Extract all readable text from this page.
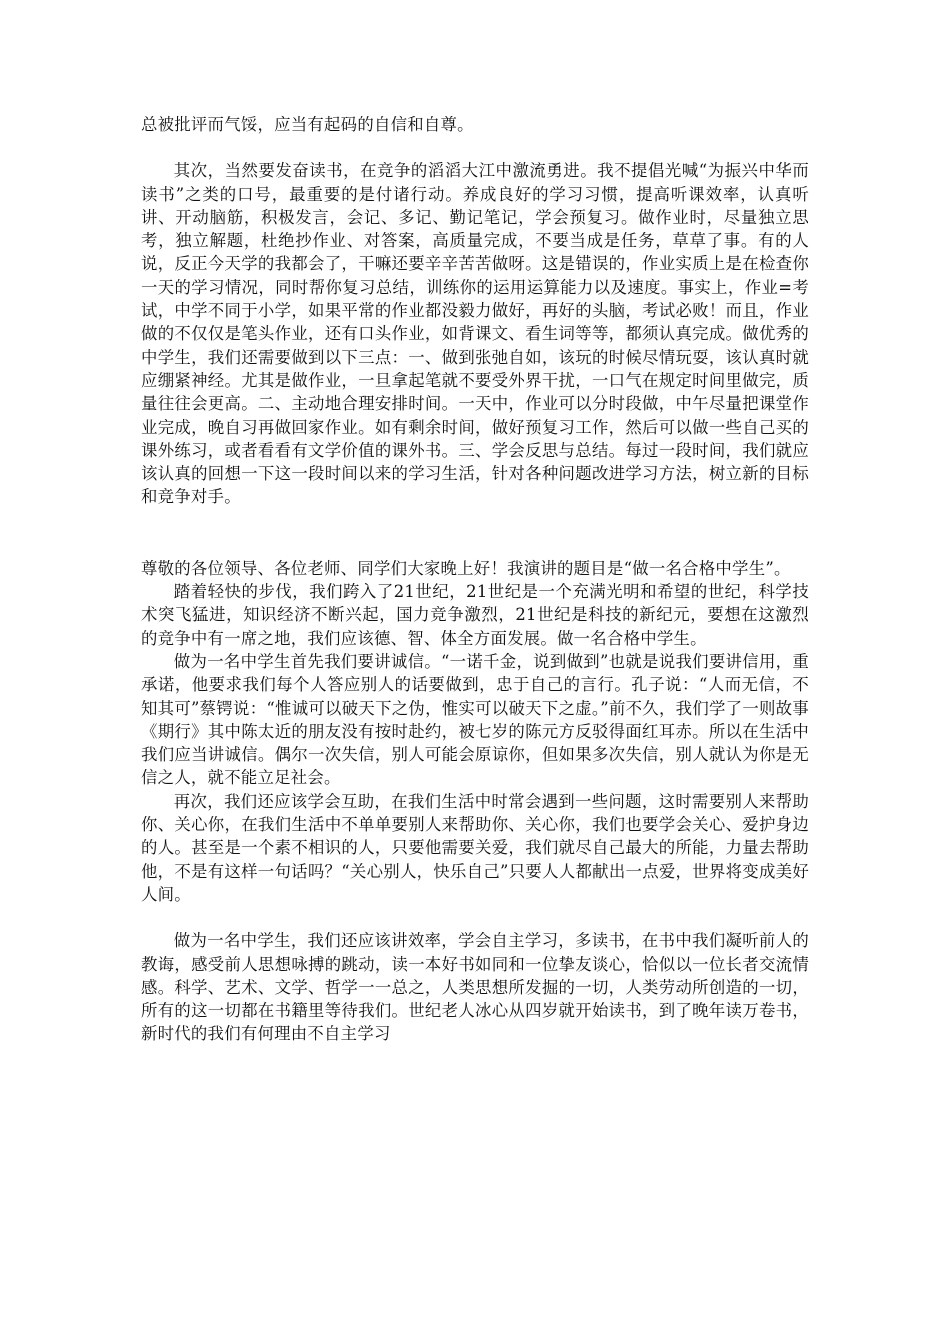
总被批评而气馁，应当有起码的自信和自尊。

其次，当然要发奋读书，在竞争的滔滔大江中激流勇进。我不提倡光喊“为振兴中华而读书”之类的口号，最重要的是付诸行动。养成良好的学习习惯，提高听课效率，认真听讲、开动脑筋，积极发言，会记、多记、勤记笔记，学会预复习。做作业时，尽量独立思考，独立解题，杜绝抄作业、对答案，高质量完成，不要当成是任务，草草了事。有的人说，反正今天学的我都会了，干嘛还要辛辛苦苦做呀。这是错误的，作业实质上是在检查你一天的学习情况，同时帮你复习总结，训练你的运用运算能力以及速度。事实上，作业=考试，中学不同于小学，如果平常的作业都没毅力做好，再好的头脑，考试必败！而且，作业做的不仅仅是笔头作业，还有口头作业，如背课文、看生词等等，都须认真完成。做优秀的中学生，我们还需要做到以下三点：一、做到张弛自如，该玩的时候尽情玩耍，该认真时就应绷紧神经。尤其是做作业，一旦拿起笔就不要受外界干扰，一口气在规定时间里做完，质量往往会更高。二、主动地合理安排时间。一天中，作业可以分时段做，中午尽量把课堂作业完成，晚自习再做回家作业。如有剩余时间，做好预复习工作，然后可以做一些自己买的课外练习，或者看看有文学价值的课外书。三、学会反思与总结。每过一段时间，我们就应该认真的回想一下这一段时间以来的学习生活，针对各种问题改进学习方法，树立新的目标和竞争对手。

尊敬的各位领导、各位老师、同学们大家晚上好！我演讲的题目是“做一名合格中学生”。

踏着轻快的步伐，我们跨入了21世纪，21世纪是一个充满光明和希望的世纪，科学技术突飞猛进，知识经济不断兴起，国力竞争激烈，21世纪是科技的新纪元，要想在这激烈的竞争中有一席之地，我们应该德、智、体全方面发展。做一名合格中学生。

做为一名中学生首先我们要讲诚信。“一诺千金，说到做到”也就是说我们要讲信用，重承诺，他要求我们每个人答应别人的话要做到，忠于自己的言行。孔子说：“人而无信，不知其可”蔡锷说：“惟诚可以破天下之伪，惟实可以破天下之虚。”前不久，我们学了一则故事《期行》其中陈太近的朋友没有按时赴约，被七岁的陈元方反驳得面红耳赤。所以在生活中我们应当讲诚信。偶尔一次失信，别人可能会原谅你，但如果多次失信，别人就认为你是无信之人，就不能立足社会。

再次，我们还应该学会互助，在我们生活中时常会遇到一些问题，这时需要别人来帮助你、关心你，在我们生活中不单单要别人来帮助你、关心你，我们也要学会关心、爱护身边的人。甚至是一个素不相识的人，只要他需要关爱，我们就尽自己最大的所能，力量去帮助他，不是有这样一句话吗？“关心别人，快乐自己”只要人人都献出一点爱，世界将变成美好人间。

做为一名中学生，我们还应该讲效率，学会自主学习，多读书，在书中我们凝听前人的教诲，感受前人思想咏搏的跳动，读一本好书如同和一位挚友谈心，恰似以一位长者交流情感。科学、艺术、文学、哲学一一总之，人类思想所发掘的一切，人类劳动所创造的一切，所有的这一切都在书籍里等待我们。世纪老人冰心从四岁就开始读书，到了晚年读万卷书，新时代的我们有何理由不自主学习
